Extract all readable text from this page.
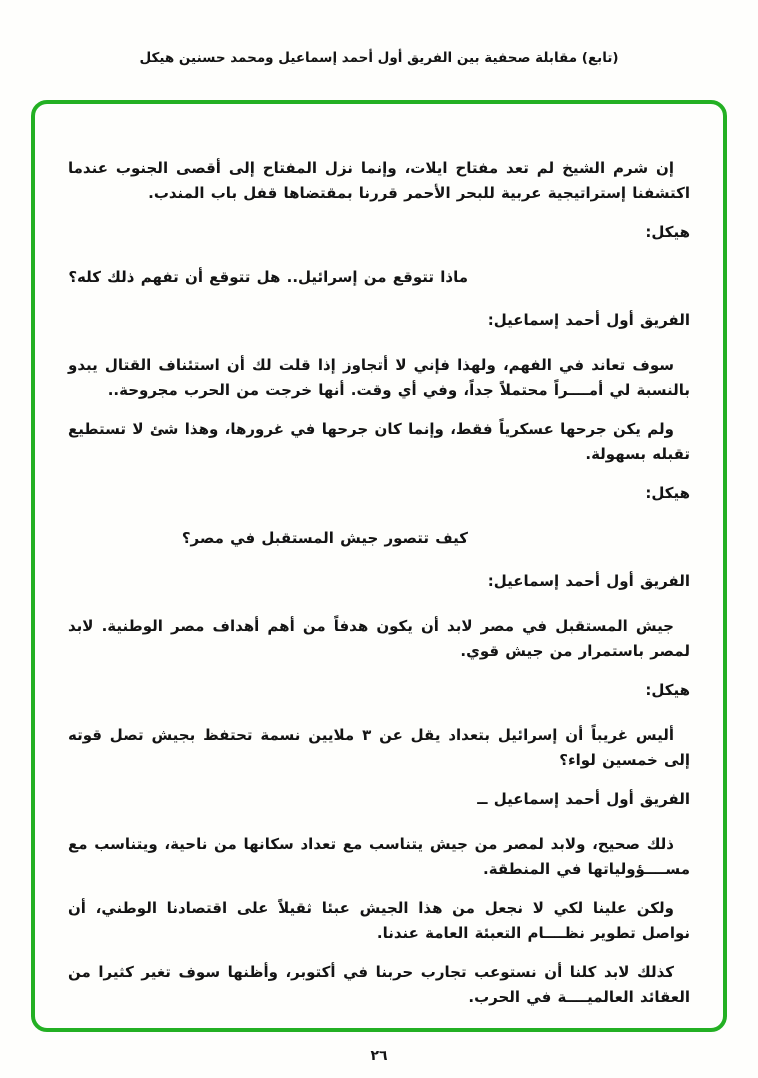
(تابع) مقابلة صحفية بين الفريق أول أحمد إسماعيل ومحمد حسنين هيكل

إن شرم الشيخ لم تعد مفتاح ايلات، وإنما نزل المفتاح إلى أقصى الجنوب عندما اكتشفنا إستراتيجية عربية للبحر الأحمر قررنا بمقتضاها قفل باب المندب.

هيكل:

ماذا تتوقع من إسرائيل.. هل تتوقع أن تفهم ذلك كله؟

الفريق أول أحمد إسماعيل:

سوف تعاند في الفهم، ولهذا فإني لا أتجاوز إذا قلت لك أن استئناف القتال يبدو بالنسبة لي أمــــراً محتملاً جداً، وفي أي وقت. أنها خرجت من الحرب مجروحة..

ولم يكن جرحها عسكرياً فقط، وإنما كان جرحها في غرورها، وهذا شئ لا تستطيع تقبله بسهولة.

هيكل:

كيف تتصور جيش المستقبل في مصر؟

الفريق أول أحمد إسماعيل:

جيش المستقبل في مصر لابد أن يكون هدفاً من أهم أهداف مصر الوطنية. لابد لمصر باستمرار من جيش قوي.

هيكل:

أليس غريباً أن إسرائيل بتعداد يقل عن ٣ ملايين نسمة تحتفظ بجيش تصل قوته إلى خمسين لواء؟

الفريق أول أحمد إسماعيل ــ

ذلك صحيح، ولابد لمصر من جيش يتناسب مع تعداد سكانها من ناحية، ويتناسب مع مســــؤولياتها في المنطقة.

ولكن علينا لكي لا نجعل من هذا الجيش عبئا ثقيلاً على اقتصادنا الوطني، أن نواصل تطوير نظــــام التعبئة العامة عندنا.

كذلك لابد كلنا أن نستوعب تجارب حربنا في أكتوبر، وأظنها سوف تغير كثيرا من العقائد العالميــــة في الحرب.

٢٦
